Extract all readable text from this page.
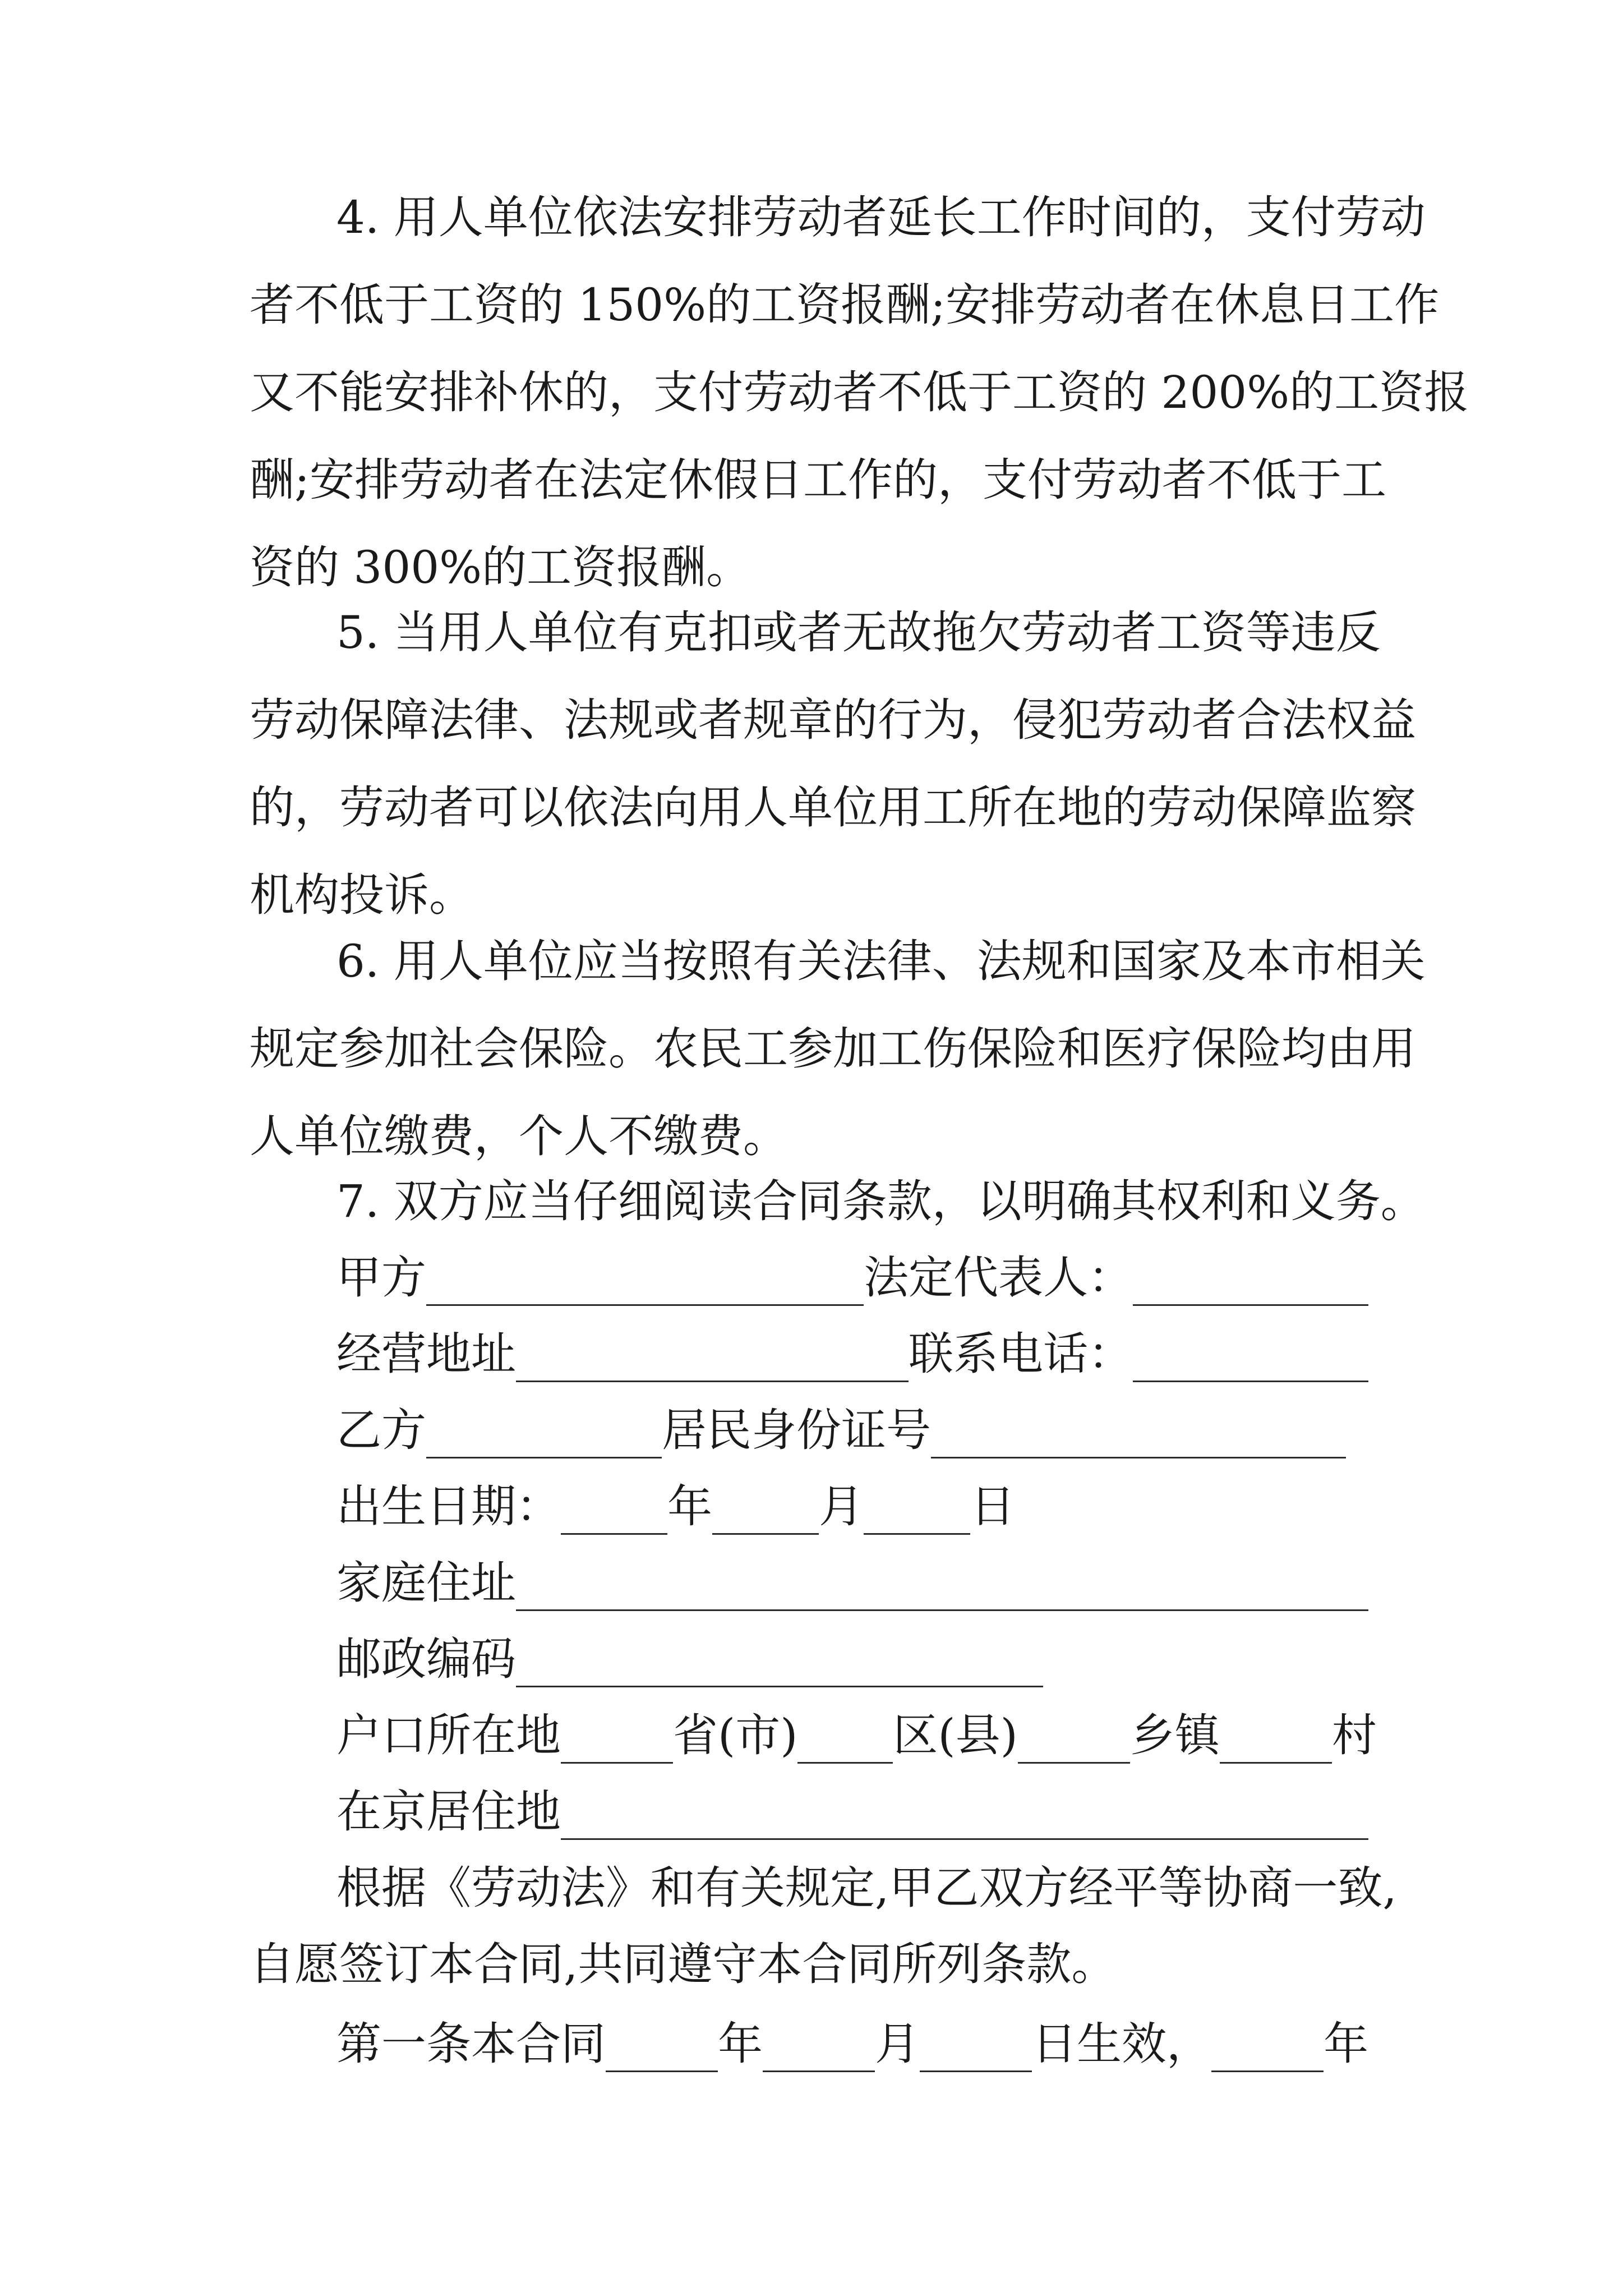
4. 用人单位依法安排劳动者延长工作时间的，支付劳动
者不低于工资的 150%的工资报酬;安排劳动者在休息日工作
又不能安排补休的，支付劳动者不低于工资的 200%的工资报
酬;安排劳动者在法定休假日工作的，支付劳动者不低于工
资的 300%的工资报酬。
5. 当用人单位有克扣或者无故拖欠劳动者工资等违反
劳动保障法律、法规或者规章的行为，侵犯劳动者合法权益
的，劳动者可以依法向用人单位用工所在地的劳动保障监察
机构投诉。
6. 用人单位应当按照有关法律、法规和国家及本市相关
规定参加社会保险。农民工参加工伤保险和医疗保险均由用
人单位缴费，个人不缴费。
7. 双方应当仔细阅读合同条款，以明确其权利和义务。
甲方	法定代表人：
经营地址	联系电话：
乙方	居民身份证号
出生日期： 年 月 日
家庭住址
邮政编码
户口所在地	省(市) 区(县)	乡镇	村
在京居住地
根据《劳动法》和有关规定,甲乙双方经平等协商一致,
自愿签订本合同,共同遵守本合同所列条款。
第一条本合同	年	月	日生效，	年
